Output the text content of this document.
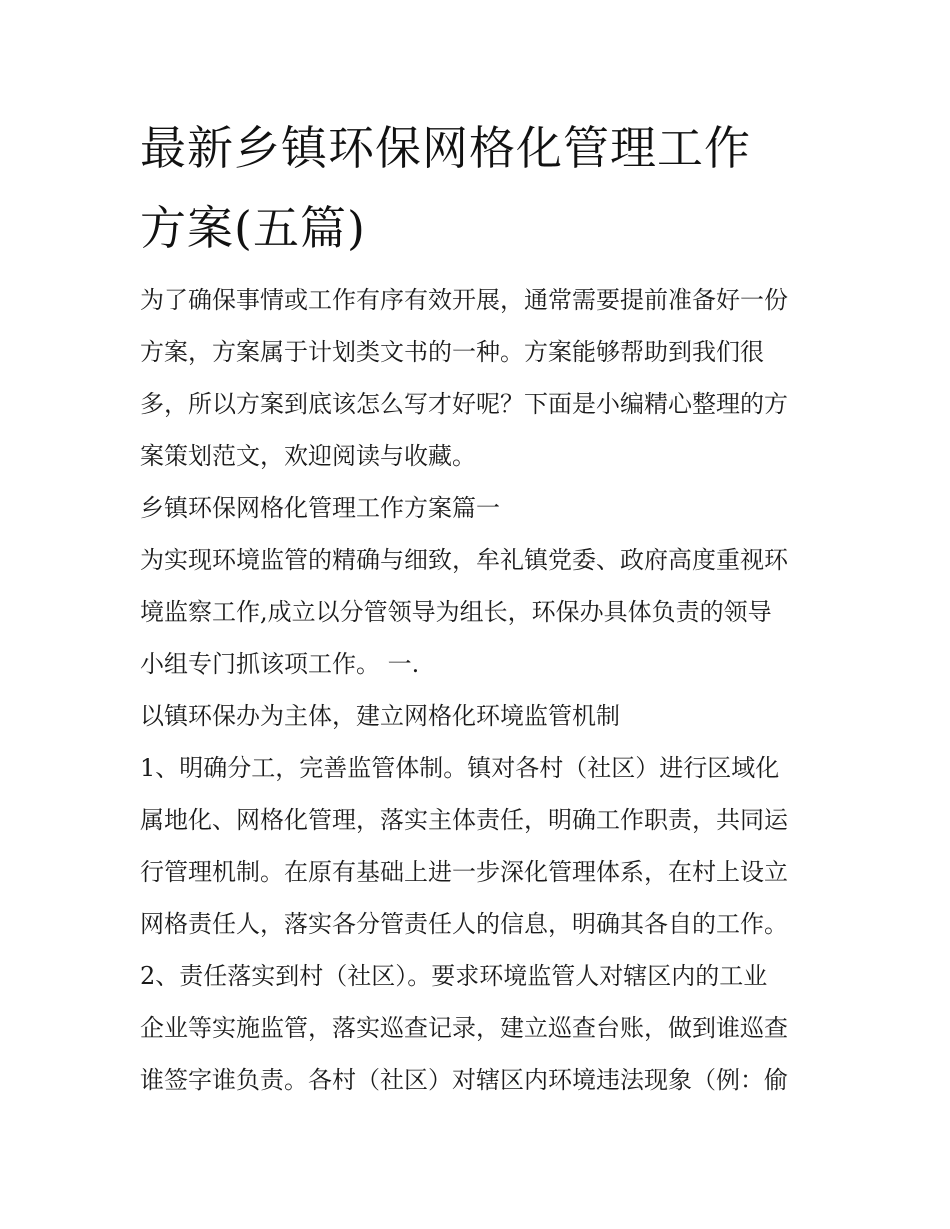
最新乡镇环保网格化管理工作
方案(五篇)
为了确保事情或工作有序有效开展，通常需要提前准备好一份
方案，方案属于计划类文书的一种。方案能够帮助到我们很
多，所以方案到底该怎么写才好呢？下面是小编精心整理的方
案策划范文，欢迎阅读与收藏。
乡镇环保网格化管理工作方案篇一
为实现环境监管的精确与细致，牟礼镇党委、政府高度重视环
境监察工作,成立以分管领导为组长，环保办具体负责的领导
小组专门抓该项工作。 一.
以镇环保办为主体，建立网格化环境监管机制
1、明确分工，完善监管体制。镇对各村（社区）进行区域化
属地化、网格化管理，落实主体责任，明确工作职责，共同运
行管理机制。在原有基础上进一步深化管理体系，在村上设立
网格责任人，落实各分管责任人的信息，明确其各自的工作。
2、责任落实到村（社区）。要求环境监管人对辖区内的工业
企业等实施监管，落实巡查记录，建立巡查台账，做到谁巡查
谁签字谁负责。各村（社区）对辖区内环境违法现象（例：偷
